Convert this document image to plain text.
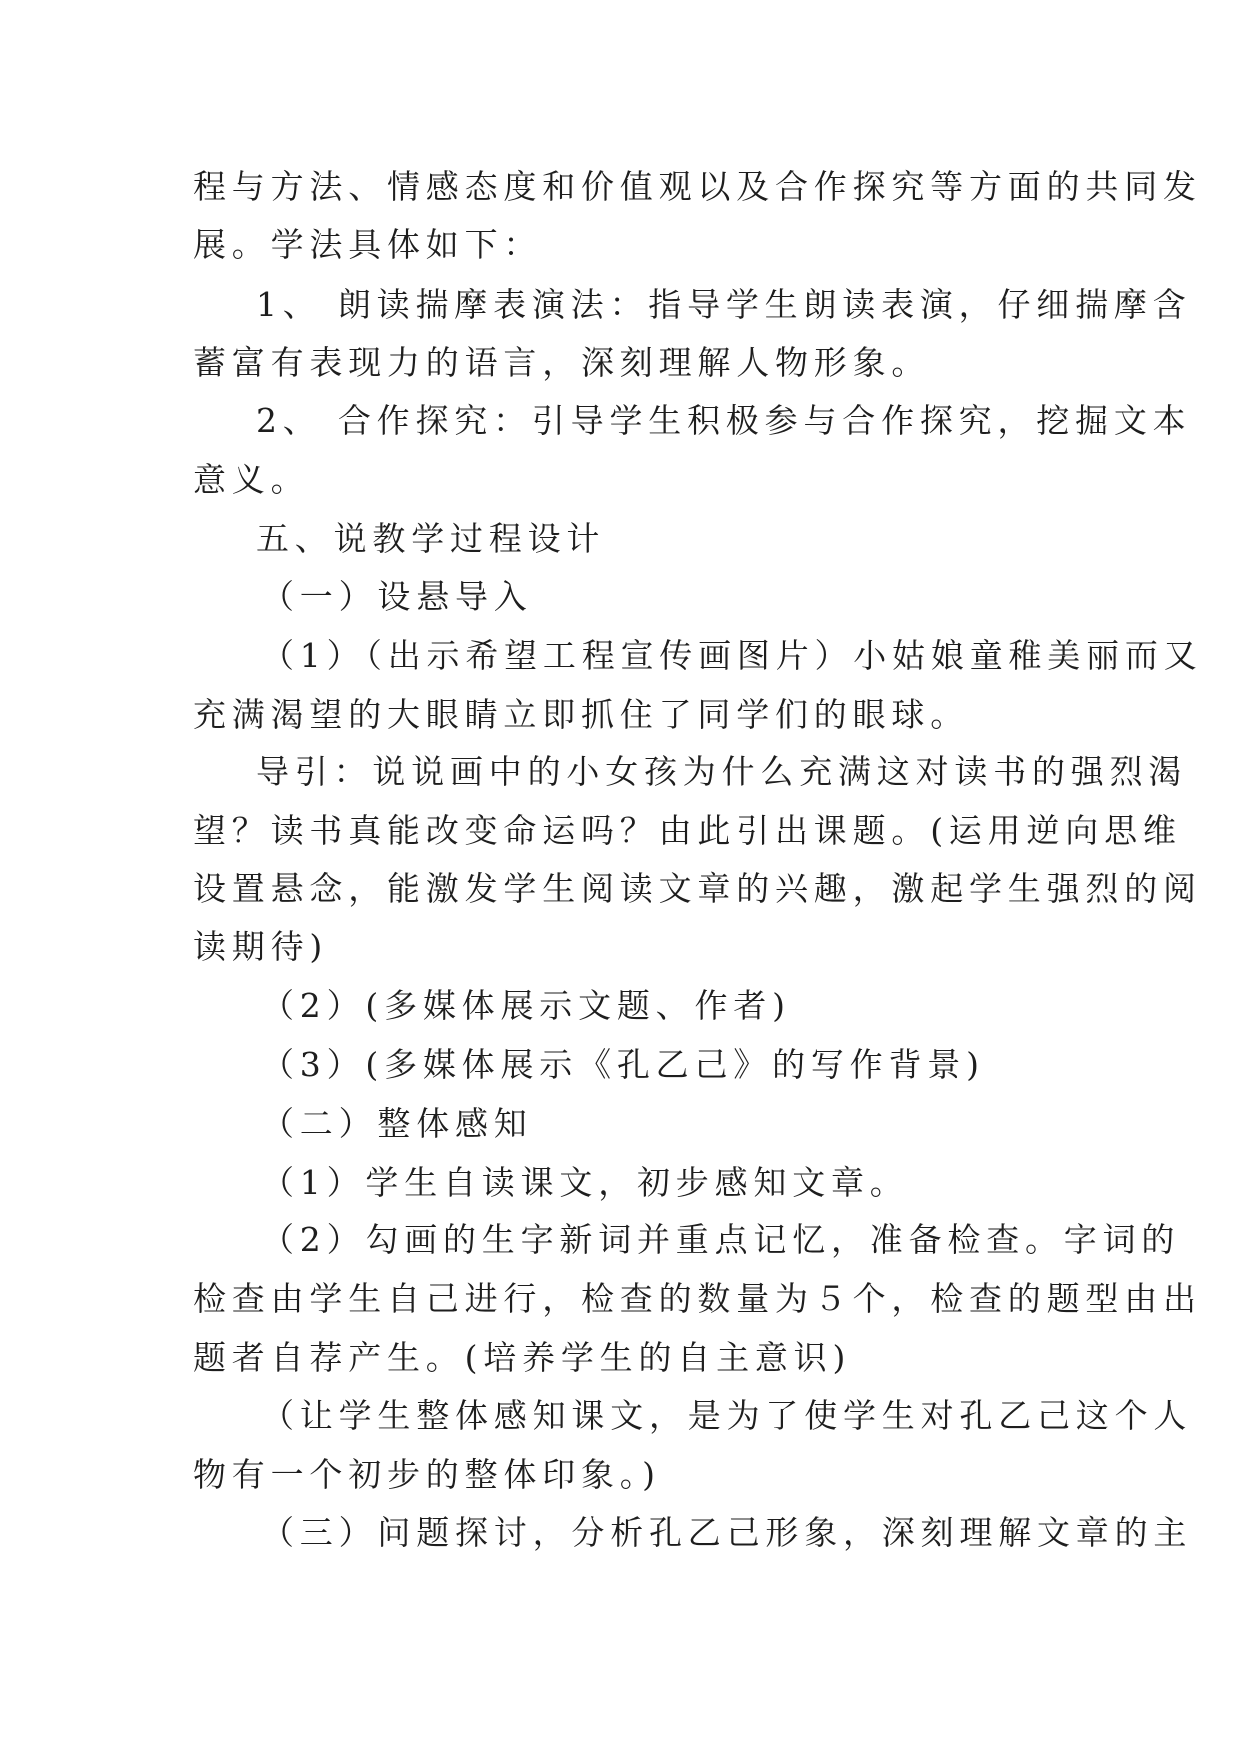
程与方法、情感态度和价值观以及合作探究等方面的共同发
展。学法具体如下：
1、 朗读揣摩表演法：指导学生朗读表演，仔细揣摩含
蓄富有表现力的语言，深刻理解人物形象。
2、 合作探究：引导学生积极参与合作探究，挖掘文本
意义。
五、说教学过程设计
（一）设悬导入
（1）（出示希望工程宣传画图片）小姑娘童稚美丽而又
充满渴望的大眼睛立即抓住了同学们的眼球。
导引：说说画中的小女孩为什么充满这对读书的强烈渴
望？读书真能改变命运吗？由此引出课题。(运用逆向思维
设置悬念，能激发学生阅读文章的兴趣，激起学生强烈的阅
读期待)
（2）(多媒体展示文题、作者)
（3）(多媒体展示《孔乙己》的写作背景)
（二）整体感知
（1）学生自读课文，初步感知文章。
（2）勾画的生字新词并重点记忆，准备检查。字词的
检查由学生自己进行，检查的数量为５个，检查的题型由出
题者自荐产生。(培养学生的自主意识)
（让学生整体感知课文，是为了使学生对孔乙己这个人
物有一个初步的整体印象。)
（三）问题探讨，分析孔乙己形象，深刻理解文章的主
